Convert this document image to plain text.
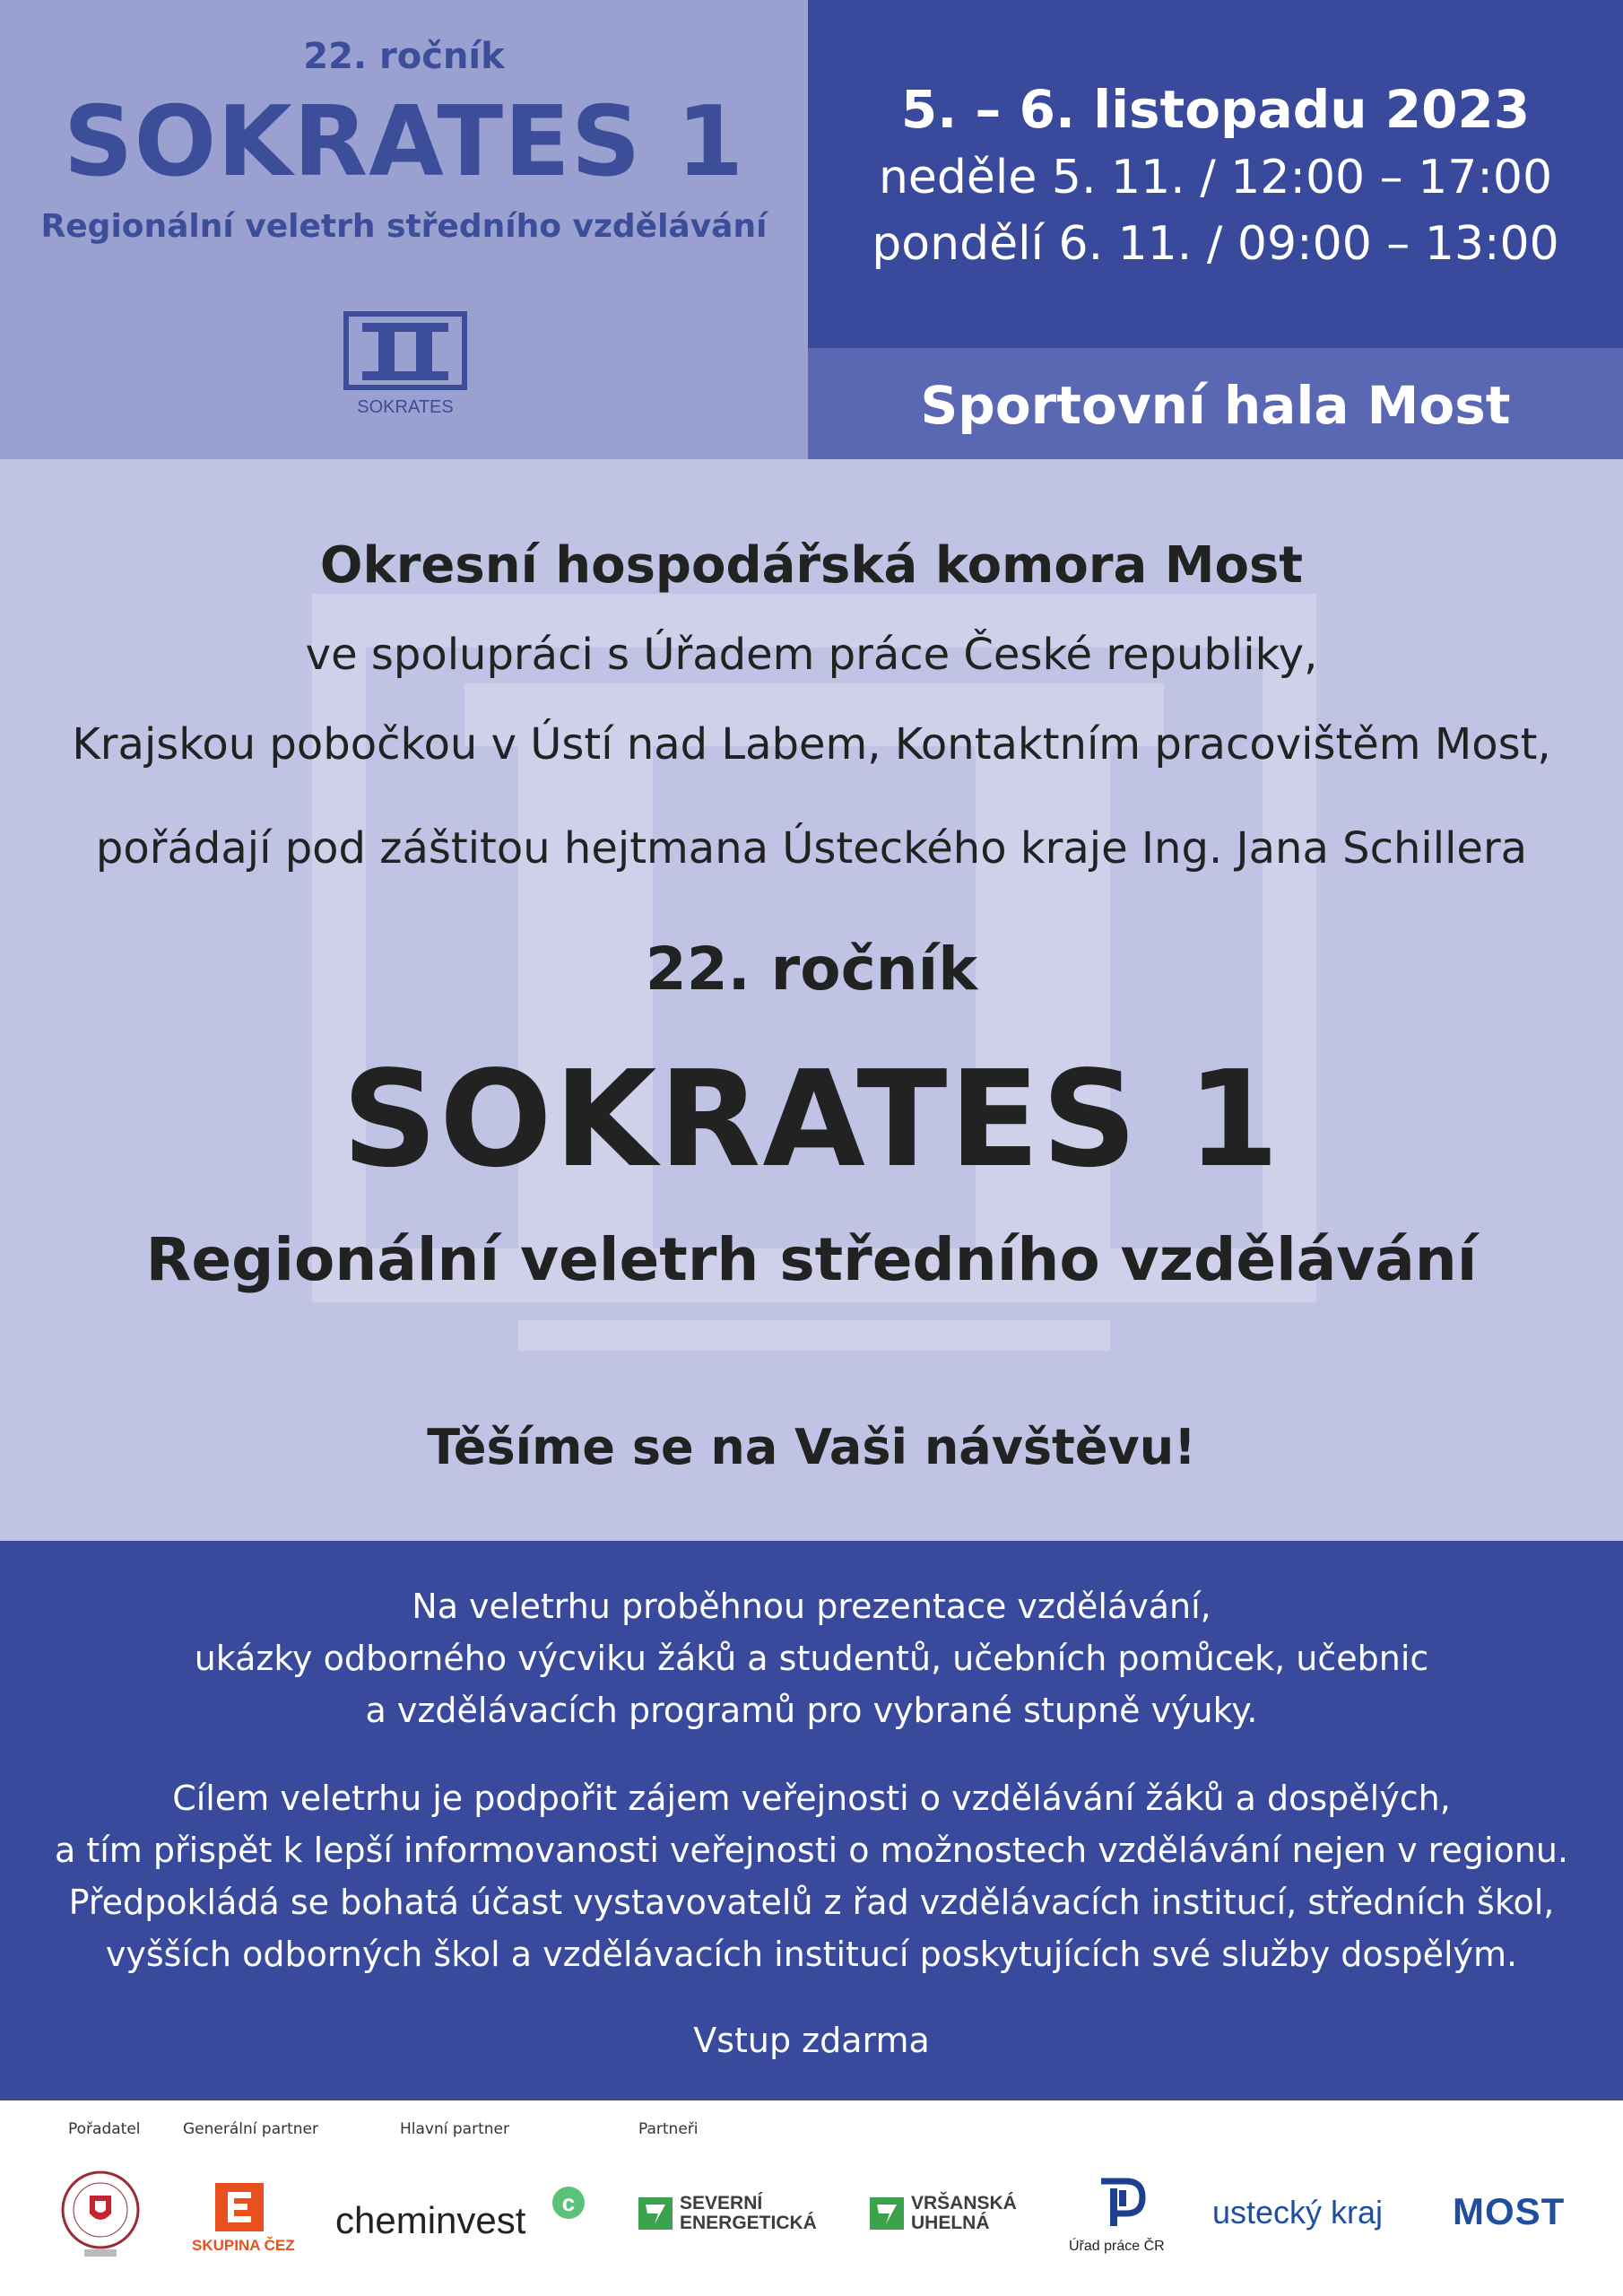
22. ročník
SOKRATES 1
Regionální veletrh středního vzdělávání
SOKRATES
5. – 6. listopadu 2023
neděle 5. 11. / 12:00 – 17:00
pondělí 6. 11. / 09:00 – 13:00
Sportovní hala Most
Okresní hospodářská komora Most
ve spolupráci s Úřadem práce České republiky,
Krajskou pobočkou v Ústí nad Labem, Kontaktním pracovištěm Most,
pořádají pod záštitou hejtmana Ústeckého kraje Ing. Jana Schillera
22. ročník
SOKRATES 1
Regionální veletrh středního vzdělávání
Těšíme se na Vaši návštěvu!
Na veletrhu proběhnou prezentace vzdělávání,
ukázky odborného výcviku žáků a studentů, učebních pomůcek, učebnic
a vzdělávacích programů pro vybrané stupně výuky.
Cílem veletrhu je podpořit zájem veřejnosti o vzdělávání žáků a dospělých,
a tím přispět k lepší informovanosti veřejnosti o možnostech vzdělávání nejen v regionu.
Předpokládá se bohatá účast vystavovatelů z řad vzdělávacích institucí, středních škol,
vyšších odborných škol a vzdělávacích institucí poskytujících své služby dospělým.
Vstup zdarma
Pořadatel	Generální partner	Hlavní partner	Partneři
SKUPINA ČEZ
cheminvest c	SEVERNÍ
ENERGETICKÁ
VRŠANSKÁ
UHELNÁ
Úřad práce ČR
ustecký kraj MOST
